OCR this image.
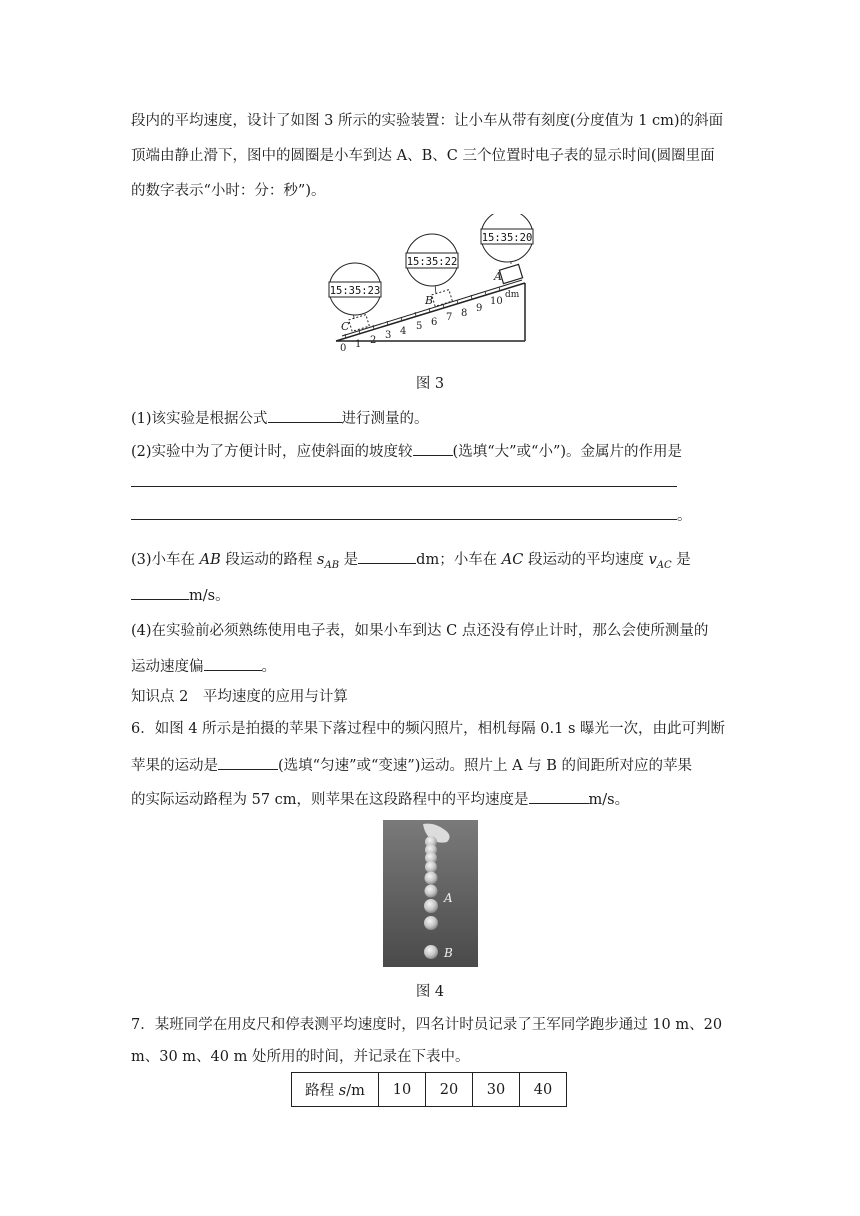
段内的平均速度，设计了如图 3 所示的实验装置：让小车从带有刻度(分度值为 1 cm)的斜面
顶端由静止滑下，图中的圆圈是小车到达 A、B、C 三个位置时电子表的显示时间(圆圈里面
的数字表示“小时：分：秒”)。
0 1 2 3 4 5 6 7 8 9
10
dm
A
B
C
15:35:20
15:35:22
15:35:23
图 3
(1)该实验是根据公式	进行测量的。
(2)实验中为了方便计时，应使斜面的坡度较	(选填“大”或“小”)。金属片的作用是
。
(3)小车在 AB 段运动的路程 $s_{AB}$ 是	dm；小车在 AC 段运动的平均速度 $v_{AC}$ 是
m/s。
(4)在实验前必须熟练使用电子表，如果小车到达 C 点还没有停止计时，那么会使所测量的
运动速度偏	。
知识点 2　平均速度的应用与计算
6．如图 4 所示是拍摄的苹果下落过程中的频闪照片，相机每隔 0.1 s 曝光一次，由此可判断
苹果的运动是	(选填“匀速”或“变速”)运动。照片上 A 与 B 的间距所对应的苹果
的实际运动路程为 57 cm，则苹果在这段路程中的平均速度是	m/s。
A
B
图 4
7．某班同学在用皮尺和停表测平均速度时，四名计时员记录了王军同学跑步通过 10 m、20
m、30 m、40 m 处所用的时间，并记录在下表中。
路程 s/m	10	20	30	40
